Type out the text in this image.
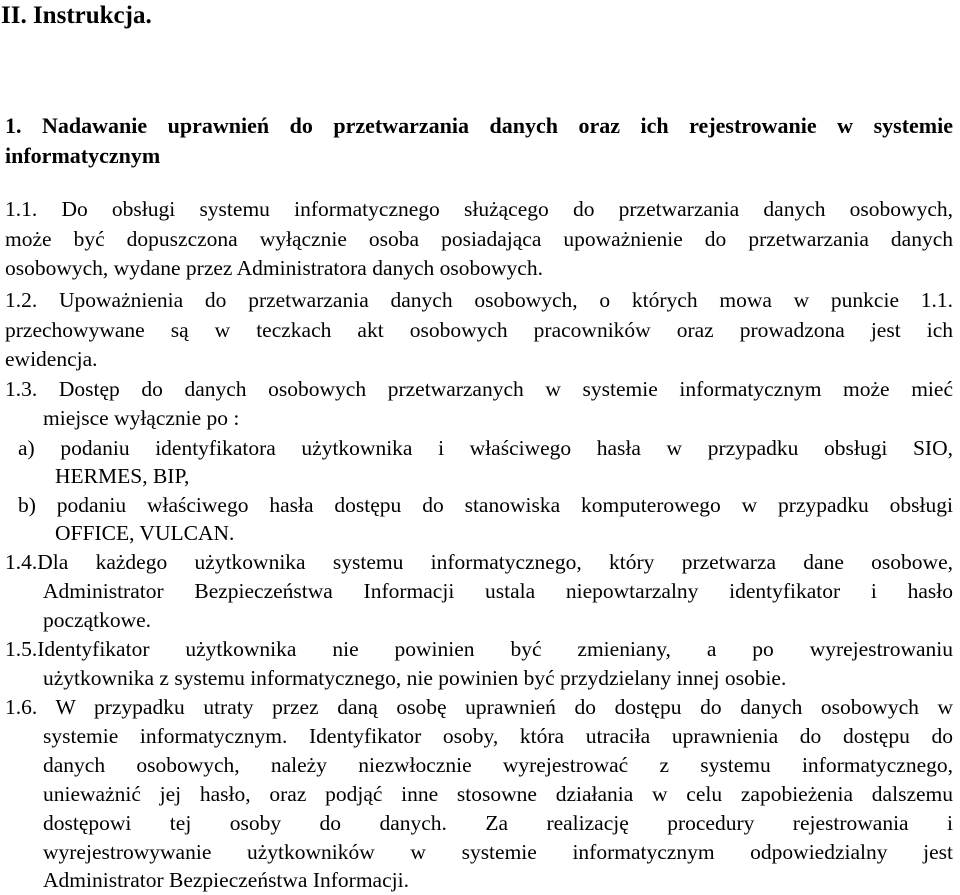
II. Instrukcja.
1. Nadawanie uprawnień do przetwarzania danych oraz ich rejestrowanie w systemie
informatycznym
1.1. Do obsługi systemu informatycznego służącego do przetwarzania danych osobowych,
może być dopuszczona wyłącznie osoba posiadająca upoważnienie do przetwarzania danych
osobowych, wydane przez Administratora danych osobowych.
1.2. Upoważnienia do przetwarzania danych osobowych, o których mowa w punkcie 1.1.
przechowywane są w teczkach akt osobowych pracowników oraz prowadzona jest ich
ewidencja.
1.3. Dostęp do danych osobowych przetwarzanych w systemie informatycznym może mieć
miejsce wyłącznie po :
a) podaniu identyfikatora użytkownika i właściwego hasła w przypadku obsługi SIO,
HERMES, BIP,
b) podaniu właściwego hasła dostępu do stanowiska komputerowego w przypadku obsługi
OFFICE, VULCAN.
1.4.Dla każdego użytkownika systemu informatycznego, który przetwarza dane osobowe,
Administrator Bezpieczeństwa Informacji ustala niepowtarzalny identyfikator i hasło
początkowe.
1.5.Identyfikator użytkownika nie powinien być zmieniany, a po wyrejestrowaniu
użytkownika z systemu informatycznego, nie powinien być przydzielany innej osobie.
1.6. W przypadku utraty przez daną osobę uprawnień do dostępu do danych osobowych w
systemie informatycznym. Identyfikator osoby, która utraciła uprawnienia do dostępu do
danych osobowych, należy niezwłocznie wyrejestrować z systemu informatycznego,
unieważnić jej hasło, oraz podjąć inne stosowne działania w celu zapobieżenia dalszemu
dostępowi tej osoby do danych. Za realizację procedury rejestrowania i
wyrejestrowywanie użytkowników w systemie informatycznym odpowiedzialny jest
Administrator Bezpieczeństwa Informacji.
